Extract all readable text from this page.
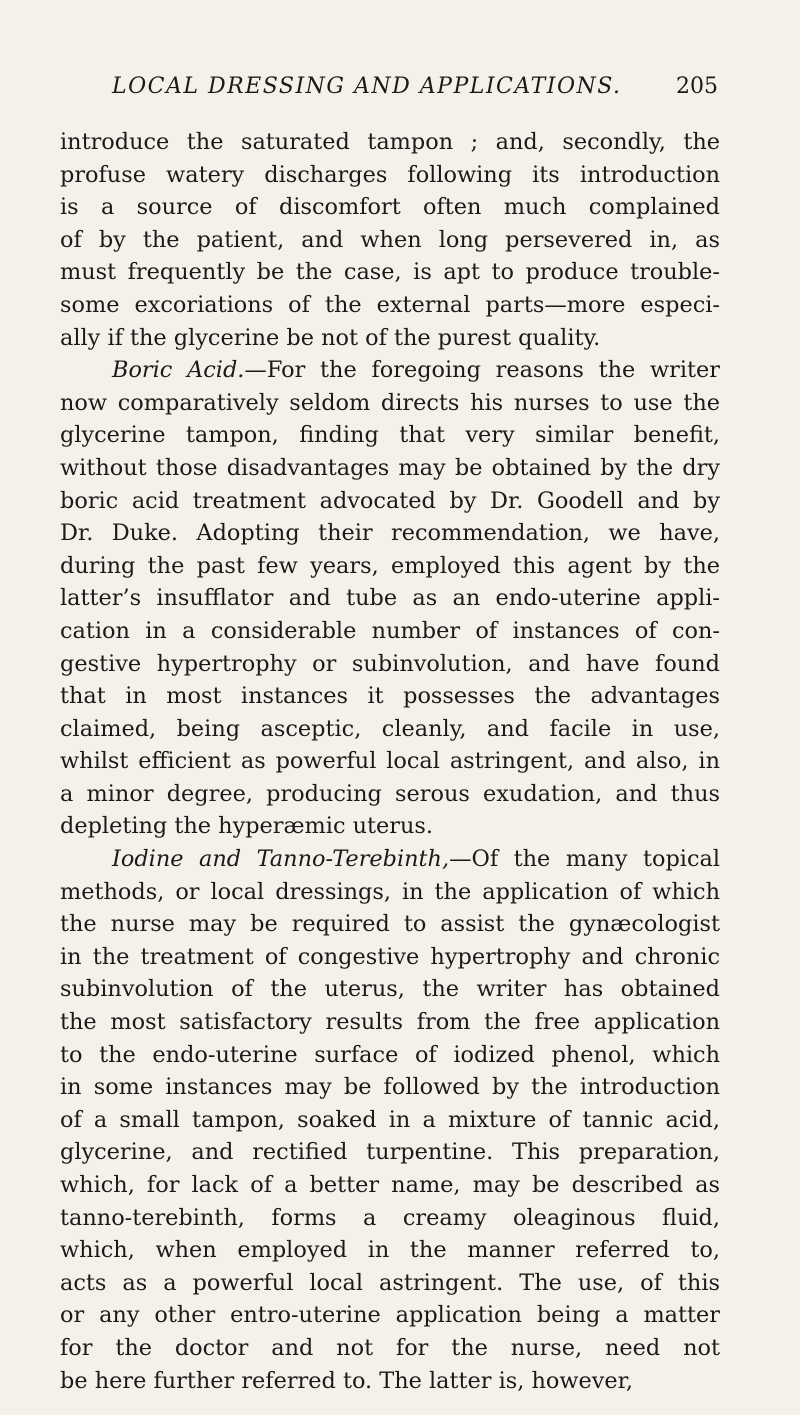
LOCAL DRESSING AND APPLICATIONS. 205
introduce the saturated tampon ; and, secondly, the
profuse watery discharges following its introduction
is a source of discomfort often much complained
of by the patient, and when long persevered in, as
must frequently be the case, is apt to produce trouble-
some excoriations of the external parts—more especi-
ally if the glycerine be not of the purest quality.
Boric Acid.—For the foregoing reasons the writer
now comparatively seldom directs his nurses to use the
glycerine tampon, finding that very similar benefit,
without those disadvantages may be obtained by the dry
boric acid treatment advocated by Dr. Goodell and by
Dr. Duke. Adopting their recommendation, we have,
during the past few years, employed this agent by the
latter’s insufflator and tube as an endo-uterine appli-
cation in a considerable number of instances of con-
gestive hypertrophy or subinvolution, and have found
that in most instances it possesses the advantages
claimed, being asceptic, cleanly, and facile in use,
whilst efficient as powerful local astringent, and also, in
a minor degree, producing serous exudation, and thus
depleting the hyperæmic uterus.
Iodine and Tanno-Terebinth,—Of the many topical
methods, or local dressings, in the application of which
the nurse may be required to assist the gynæcologist
in the treatment of congestive hypertrophy and chronic
subinvolution of the uterus, the writer has obtained
the most satisfactory results from the free application
to the endo-uterine surface of iodized phenol, which
in some instances may be followed by the introduction
of a small tampon, soaked in a mixture of tannic acid,
glycerine, and rectified turpentine. This preparation,
which, for lack of a better name, may be described as
tanno-terebinth, forms a creamy oleaginous fluid,
which, when employed in the manner referred to,
acts as a powerful local astringent. The use, of this
or any other entro-uterine application being a matter
for the doctor and not for the nurse, need not
be here further referred to. The latter is, however,
